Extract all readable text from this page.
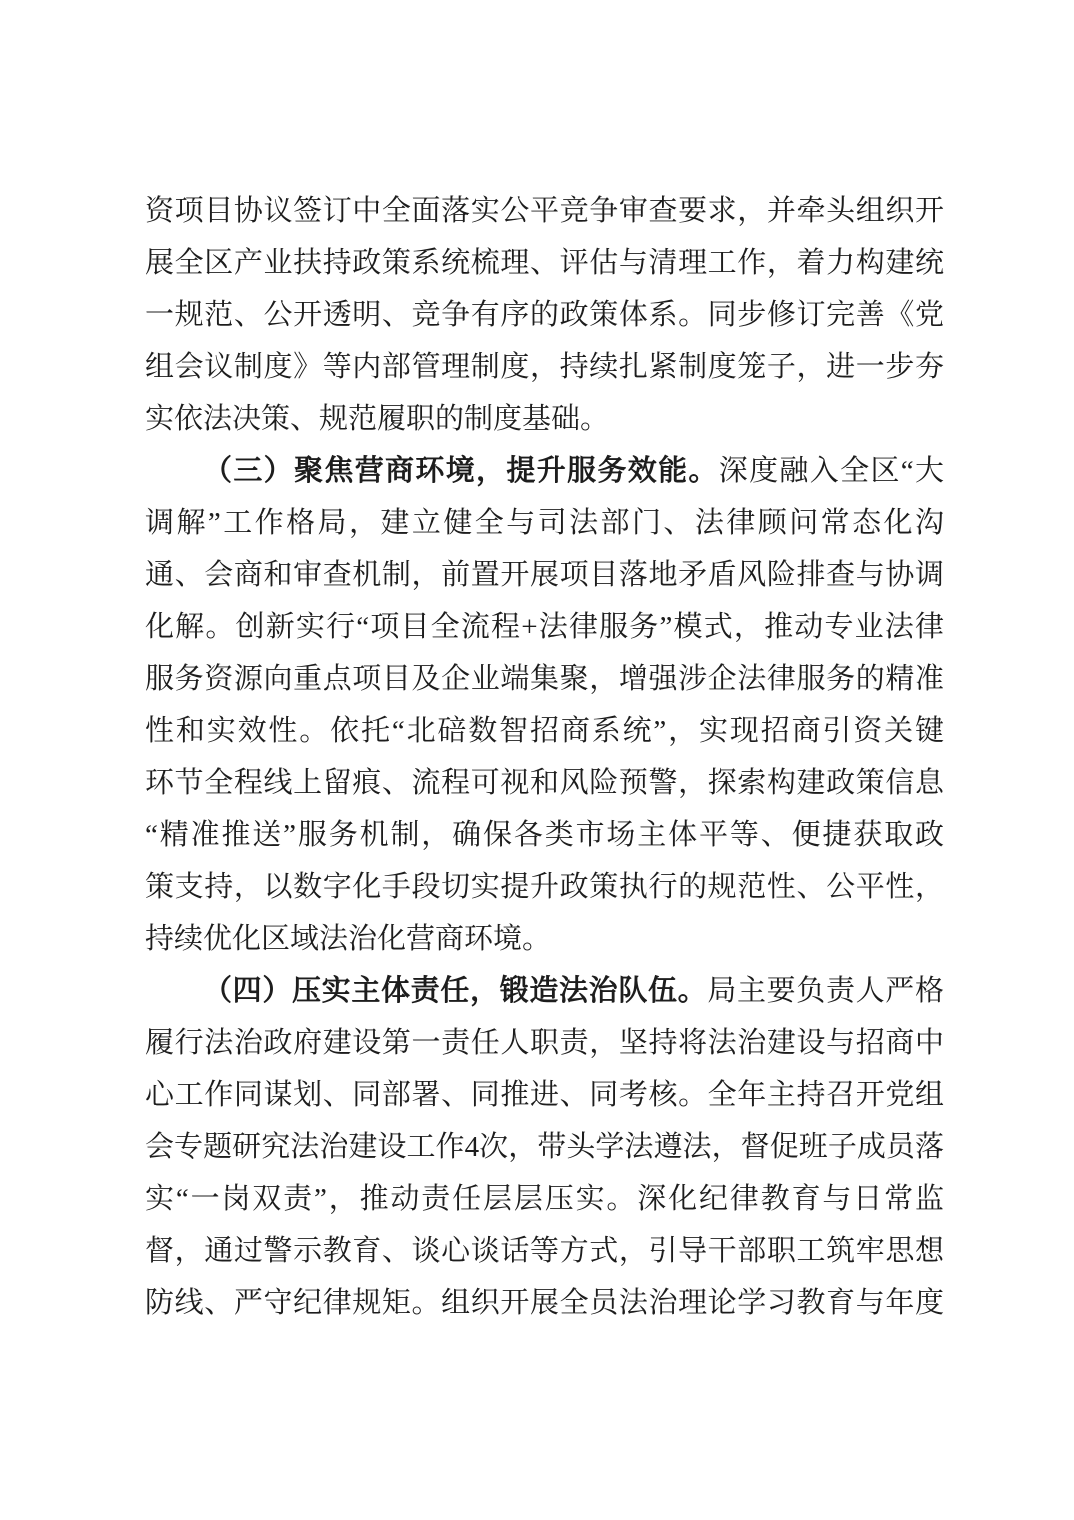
资项目协议签订中全面落实公平竞争审查要求，并牵头组织开
展全区产业扶持政策系统梳理、评估与清理工作，着力构建统
一规范、公开透明、竞争有序的政策体系。同步修订完善《党
组会议制度》等内部管理制度，持续扎紧制度笼子，进一步夯
实依法决策、规范履职的制度基础。
（三）聚焦营商环境，提升服务效能。深度融入全区“大
调解”工作格局，建立健全与司法部门、法律顾问常态化沟
通、会商和审查机制，前置开展项目落地矛盾风险排查与协调
化解。创新实行“项目全流程+法律服务”模式，推动专业法律
服务资源向重点项目及企业端集聚，增强涉企法律服务的精准
性和实效性。依托“北碚数智招商系统”，实现招商引资关键
环节全程线上留痕、流程可视和风险预警，探索构建政策信息
“精准推送”服务机制，确保各类市场主体平等、便捷获取政
策支持，以数字化手段切实提升政策执行的规范性、公平性，
持续优化区域法治化营商环境。
（四）压实主体责任，锻造法治队伍。局主要负责人严格
履行法治政府建设第一责任人职责，坚持将法治建设与招商中
心工作同谋划、同部署、同推进、同考核。全年主持召开党组
会专题研究法治建设工作4次，带头学法遵法，督促班子成员落
实“一岗双责”，推动责任层层压实。深化纪律教育与日常监
督，通过警示教育、谈心谈话等方式，引导干部职工筑牢思想
防线、严守纪律规矩。组织开展全员法治理论学习教育与年度
